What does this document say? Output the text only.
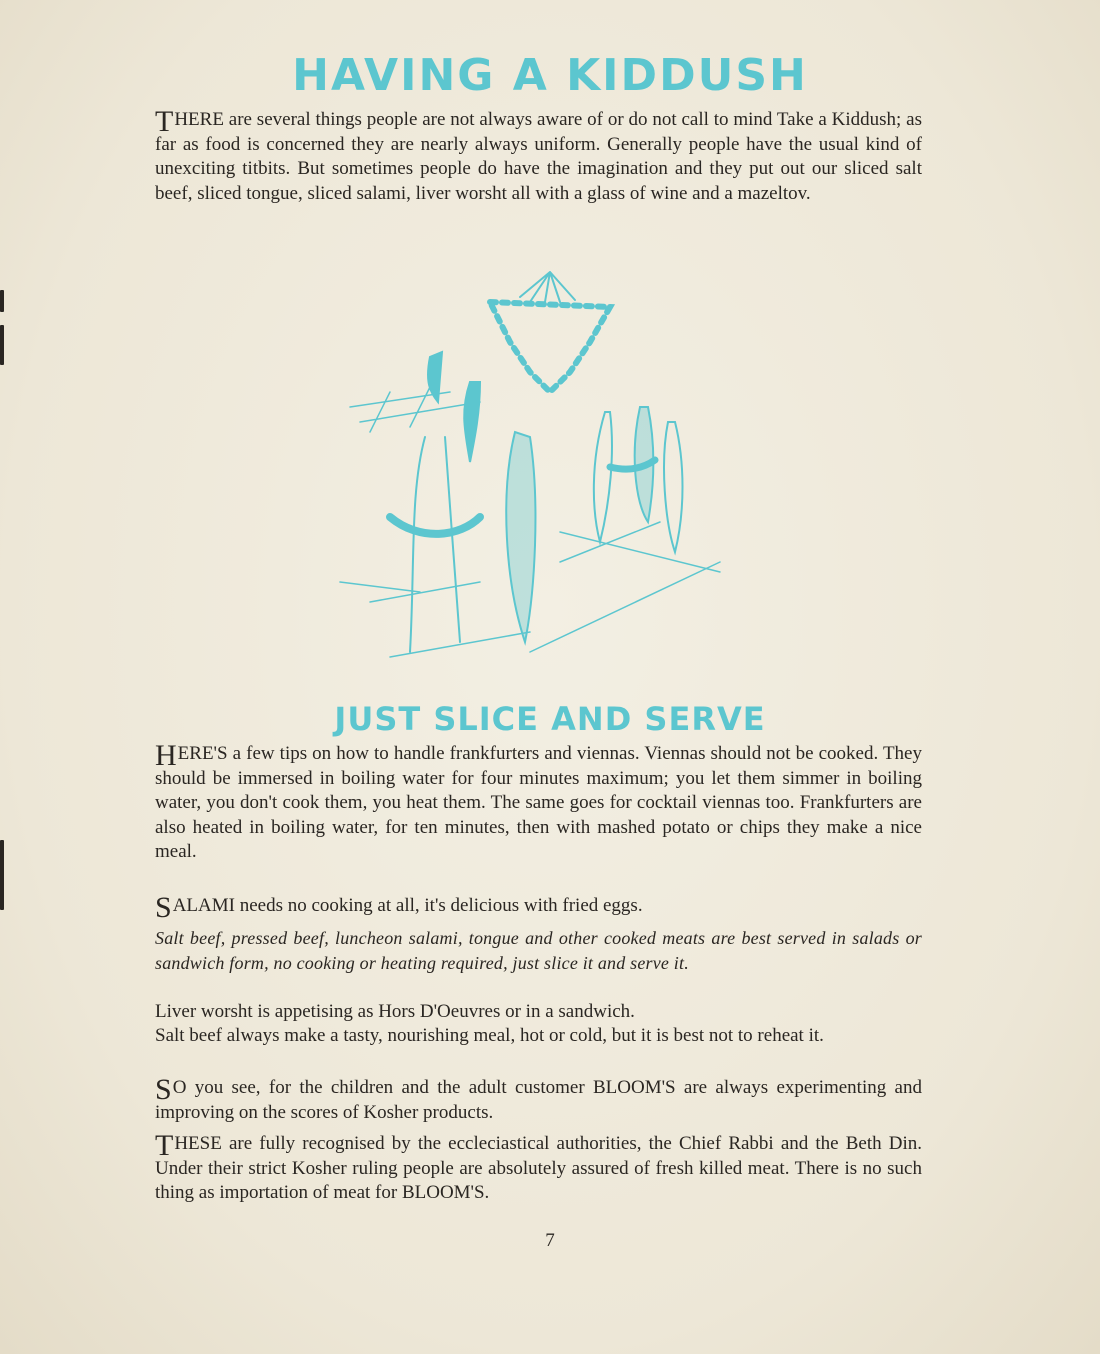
HAVING A KIDDUSH

THERE are several things people are not always aware of or do not call to mind Take a Kiddush; as far as food is concerned they are nearly always uniform. Generally people have the usual kind of unexciting titbits. But sometimes people do have the imagination and they put out our sliced salt beef, sliced tongue, sliced salami, liver worsht all with a glass of wine and a mazeltov.

JUST SLICE AND SERVE

HERE'S a few tips on how to handle frankfurters and viennas. Viennas should not be cooked. They should be immersed in boiling water for four minutes maximum; you let them simmer in boiling water, you don't cook them, you heat them. The same goes for cocktail viennas too. Frankfurters are also heated in boiling water, for ten minutes, then with mashed potato or chips they make a nice meal.

SALAMI needs no cooking at all, it's delicious with fried eggs.

Salt beef, pressed beef, luncheon salami, tongue and other cooked meats are best served in salads or sandwich form, no cooking or heating required, just slice it and serve it.

Liver worsht is appetising as Hors D'Oeuvres or in a sandwich.

Salt beef always make a tasty, nourishing meal, hot or cold, but it is best not to reheat it.

SO you see, for the children and the adult customer BLOOM'S are always experimenting and improving on the scores of Kosher products.

THESE are fully recognised by the eccleciastical authorities, the Chief Rabbi and the Beth Din. Under their strict Kosher ruling people are absolutely assured of fresh killed meat. There is no such thing as importation of meat for BLOOM'S.

7
